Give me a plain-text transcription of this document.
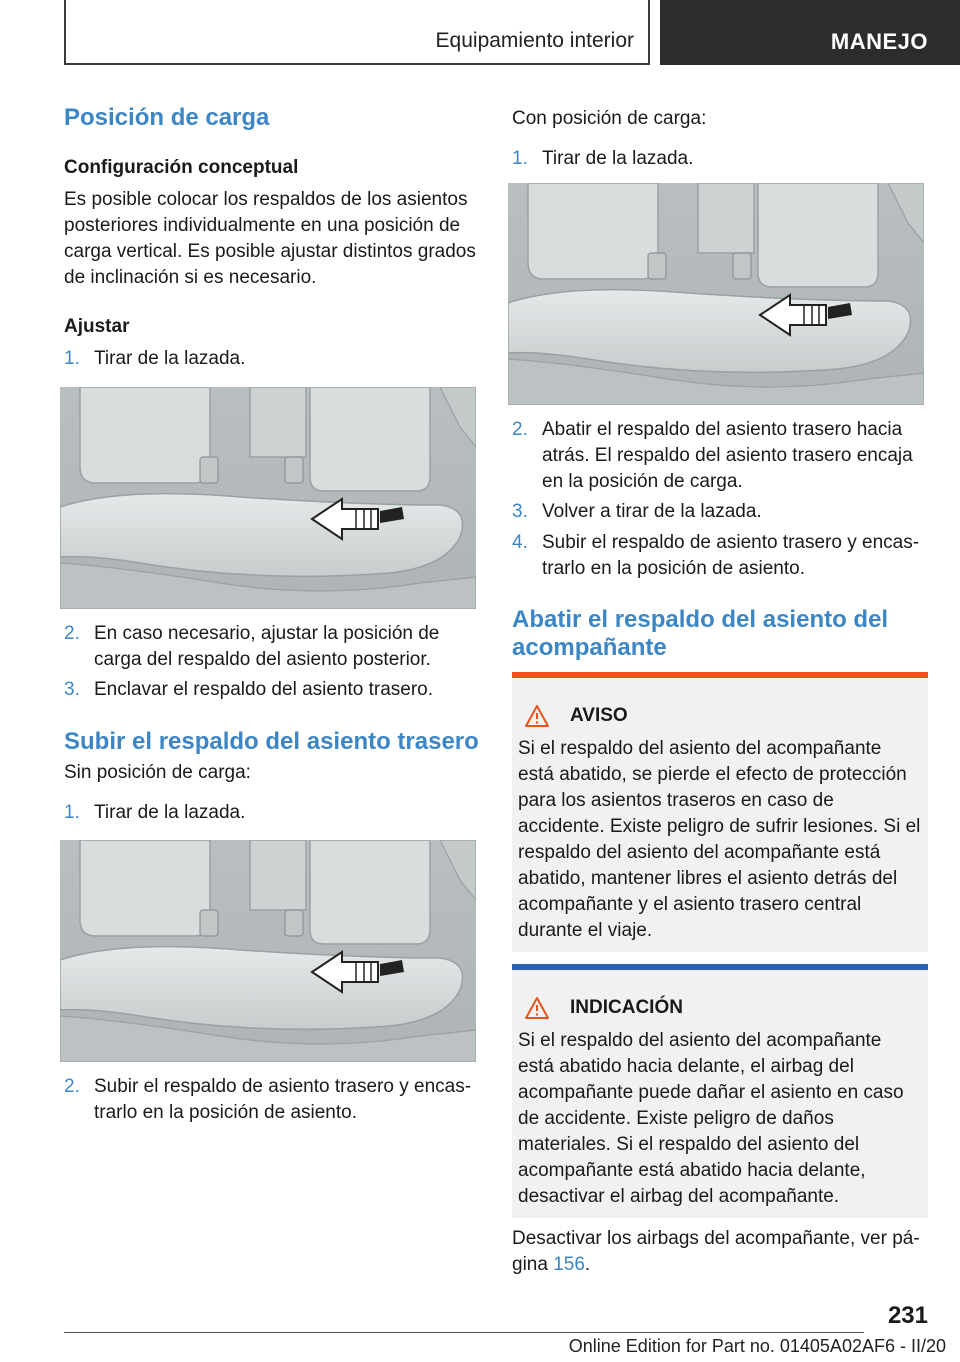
Equipamiento interior	MANEJO
Posición de carga
Configuración conceptual

Es posible colocar los respaldos de los asientos posteriores individualmente en una posición de carga vertical. Es posible ajustar distintos grados de inclinación si es necesario.

Ajustar
1. Tirar de la lazada.
2. En caso necesario, ajustar la posición de carga del respaldo del asiento posterior.
3. Enclavar el respaldo del asiento trasero.
Subir el respaldo del asiento trasero

Sin posición de carga:

1. Tirar de la lazada.
2. Subir el respaldo de asiento trasero y encastrarlo en la posición de asiento.

Con posición de carga:

1. Tirar de la lazada.
2. Abatir el respaldo del asiento trasero hacia atrás. El respaldo del asiento trasero encaja en la posición de carga.
3. Volver a tirar de la lazada.
4. Subir el respaldo de asiento trasero y encastrarlo en la posición de asiento.
Abatir el respaldo del asiento del acompañante
AVISO
Si el respaldo del asiento del acompañante está abatido, se pierde el efecto de protección para los asientos traseros en caso de accidente. Existe peligro de sufrir lesiones. Si el respaldo del asiento del acompañante está abatido, mantener libres el asiento detrás del acompañante y el asiento trasero central durante el viaje.
INDICACIÓN
Si el respaldo del asiento del acompañante está abatido hacia delante, el airbag del acompañante puede dañar el asiento en caso de accidente. Existe peligro de daños materiales. Si el respaldo del asiento del acompañante está abatido hacia delante, desactivar el airbag del acompañante.

Desactivar los airbags del acompañante, ver página 156.

231
Online Edition for Part no. 01405A02AF6 - II/20
